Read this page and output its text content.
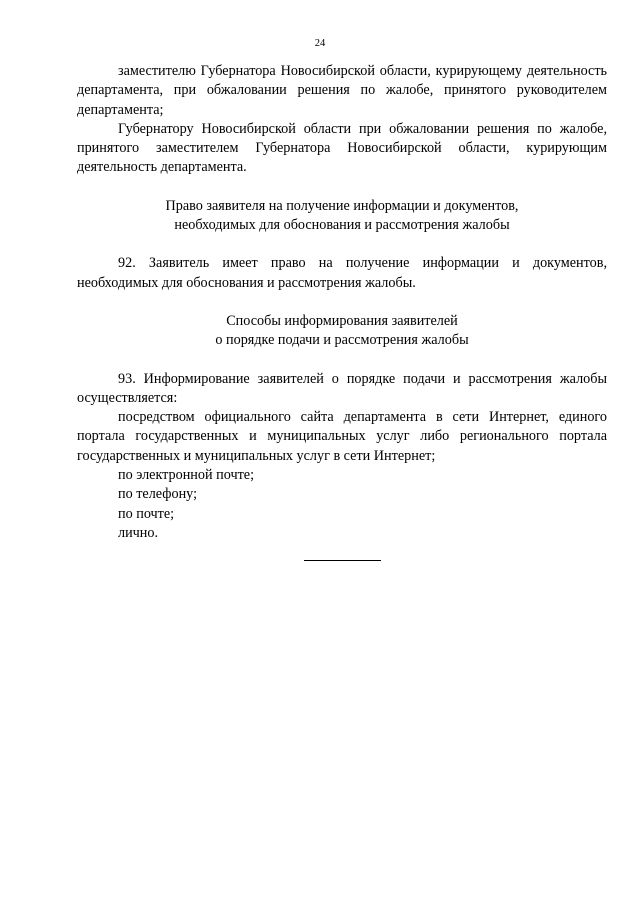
24

заместителю Губернатора Новосибирской области, курирующему деятельность департамента, при обжаловании решения по жалобе, принятого руководителем департамента;

Губернатору Новосибирской области при обжаловании решения по жалобе, принятого заместителем Губернатора Новосибирской области, курирующим деятельность департамента.

Право заявителя на получение информации и документов,
необходимых для обоснования и рассмотрения жалобы

92. Заявитель имеет право на получение информации и документов, необходимых для обоснования и рассмотрения жалобы.

Способы информирования заявителей
о порядке подачи и рассмотрения жалобы

93. Информирование заявителей о порядке подачи и рассмотрения жалобы осуществляется:

посредством официального сайта департамента в сети Интернет, единого портала государственных и муниципальных услуг либо регионального портала государственных и муниципальных услуг в сети Интернет;

по электронной почте;

по телефону;

по почте;

лично.
